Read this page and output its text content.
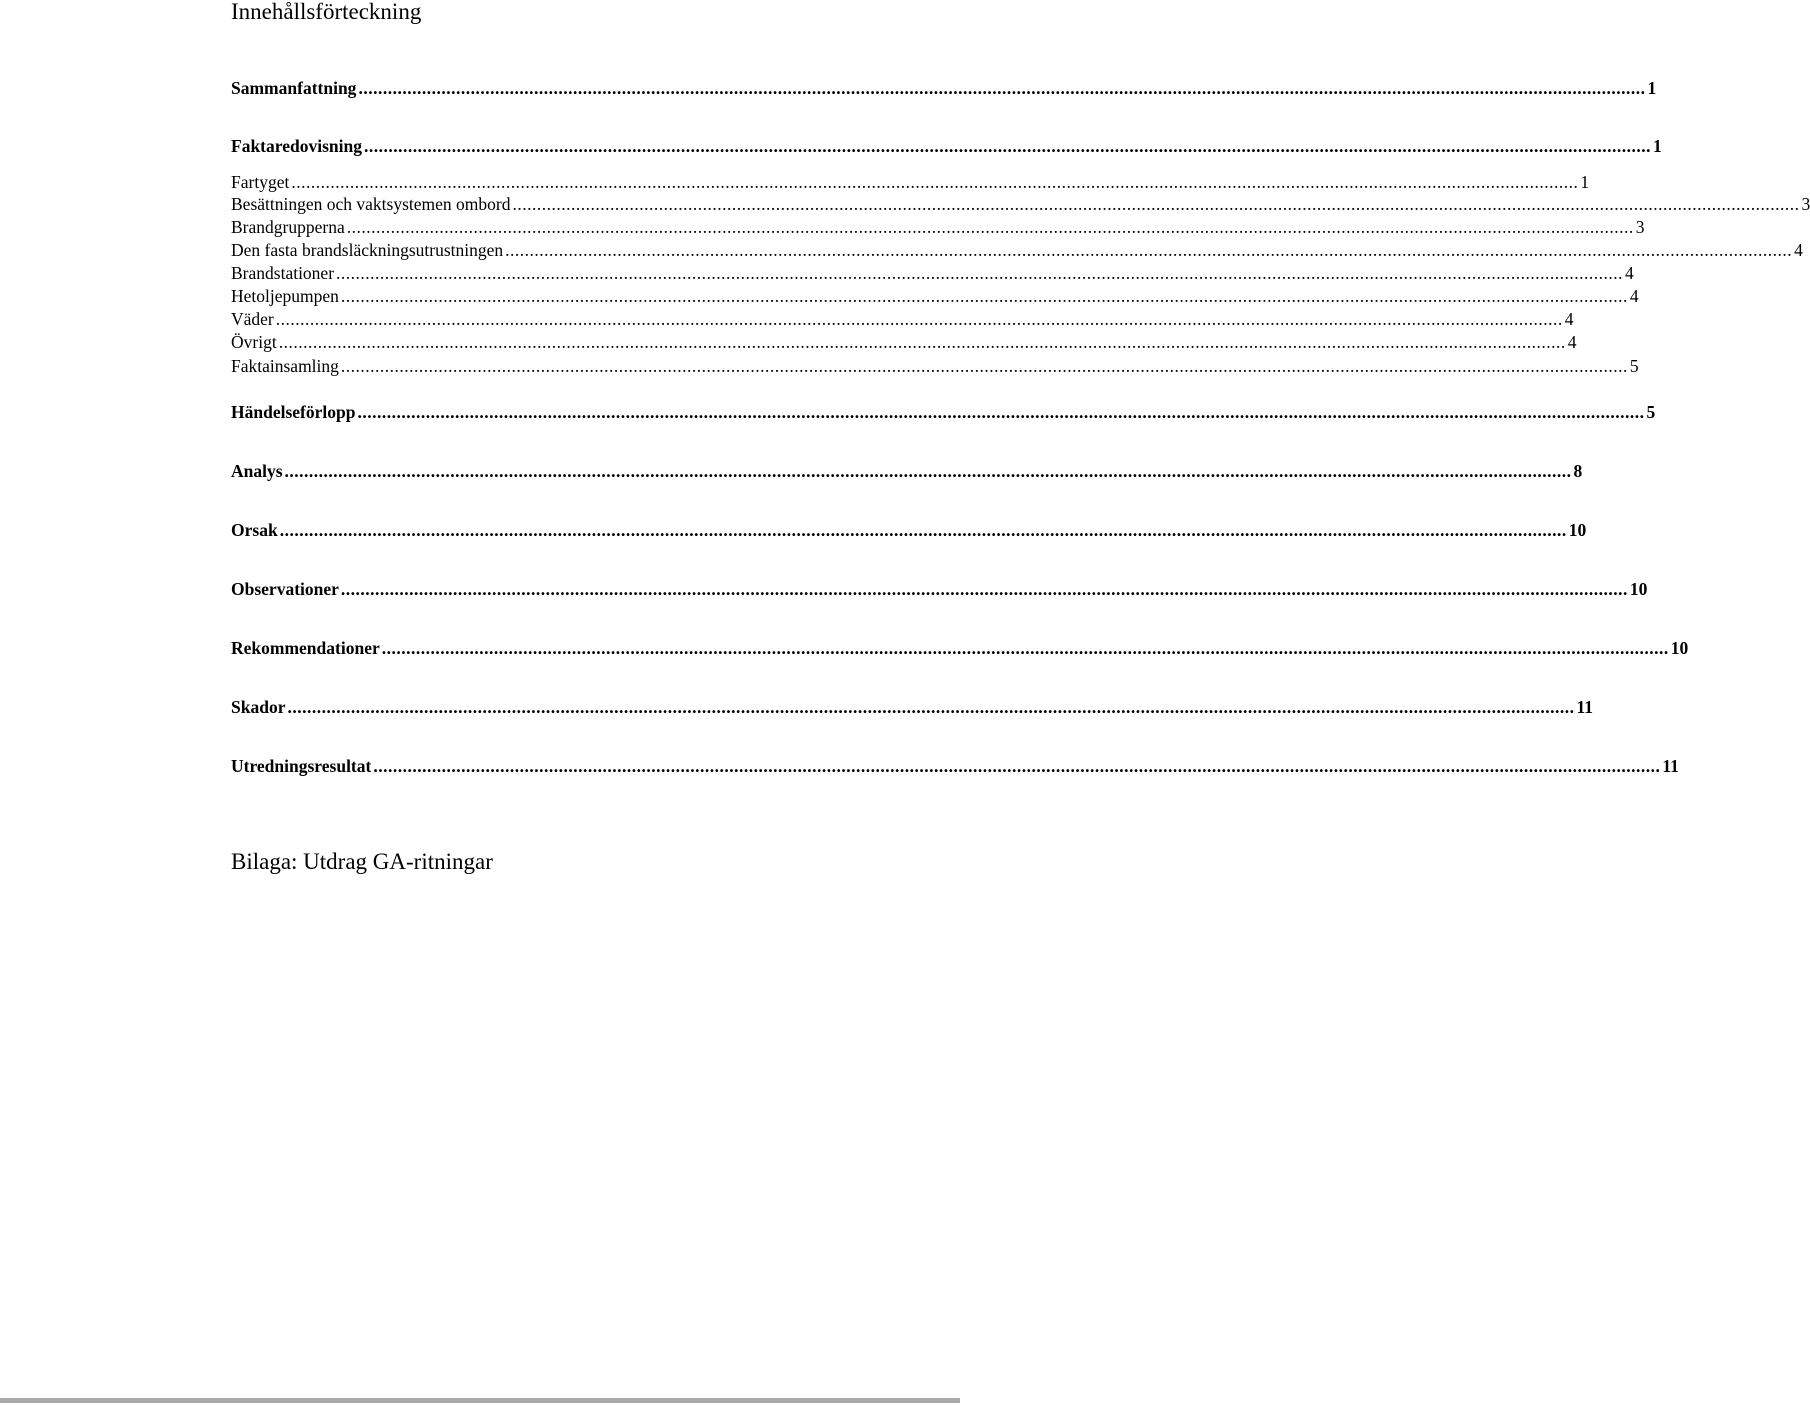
Innehållsförteckning
Sammanfattning ........................................................................................................................................................................................................................................................................ 1
Faktaredovisning ........................................................................................................................................................................................................................................................................ 1
Fartyget ........................................................................................................................................................................................................................................................................ 1
Besättningen och vaktsystemen ombord ........................................................................................................................................................................................................................................................................ 3
Brandgrupperna ........................................................................................................................................................................................................................................................................ 3
Den fasta brandsläckningsutrustningen ........................................................................................................................................................................................................................................................................ 4
Brandstationer ........................................................................................................................................................................................................................................................................ 4
Hetoljepumpen ........................................................................................................................................................................................................................................................................ 4
Väder ........................................................................................................................................................................................................................................................................ 4
Övrigt ........................................................................................................................................................................................................................................................................ 4
Faktainsamling ........................................................................................................................................................................................................................................................................ 5
Händelseförlopp ........................................................................................................................................................................................................................................................................ 5
Analys ........................................................................................................................................................................................................................................................................ 8
Orsak ........................................................................................................................................................................................................................................................................ 10
Observationer ........................................................................................................................................................................................................................................................................ 10
Rekommendationer ........................................................................................................................................................................................................................................................................ 10
Skador ........................................................................................................................................................................................................................................................................ 11
Utredningsresultat ........................................................................................................................................................................................................................................................................ 11
Bilaga: Utdrag GA-ritningar
